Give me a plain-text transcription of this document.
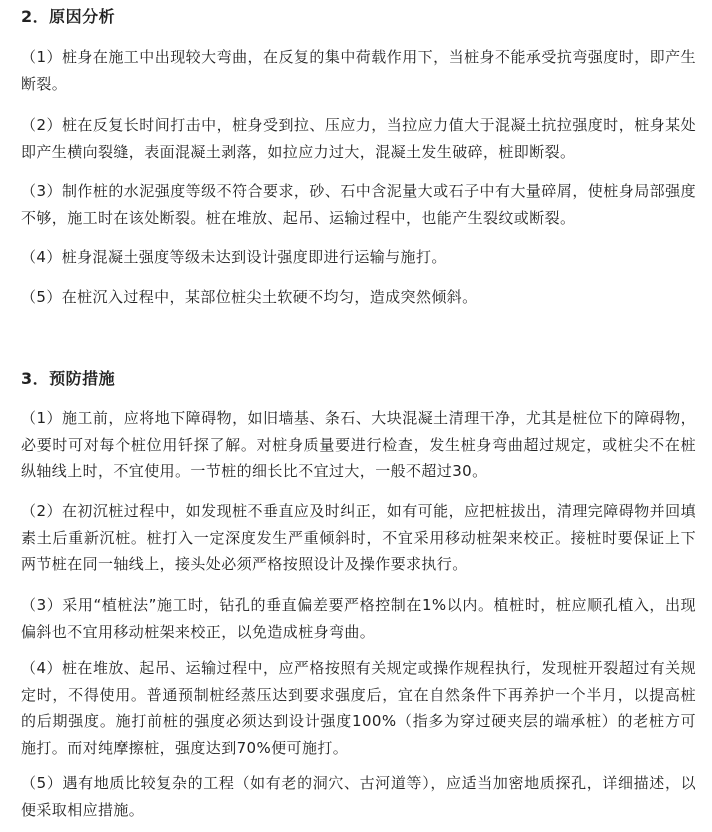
2．原因分析
（1）桩身在施工中出现较大弯曲，在反复的集中荷载作用下，当桩身不能承受抗弯强度时，即产生断裂。
（2）桩在反复长时间打击中，桩身受到拉、压应力，当拉应力值大于混凝土抗拉强度时，桩身某处即产生横向裂缝，表面混凝土剥落，如拉应力过大，混凝土发生破碎，桩即断裂。
（3）制作桩的水泥强度等级不符合要求，砂、石中含泥量大或石子中有大量碎屑，使桩身局部强度不够，施工时在该处断裂。桩在堆放、起吊、运输过程中，也能产生裂纹或断裂。
（4）桩身混凝土强度等级未达到设计强度即进行运输与施打。
（5）在桩沉入过程中，某部位桩尖土软硬不均匀，造成突然倾斜。
3．预防措施
（1）施工前，应将地下障碍物，如旧墙基、条石、大块混凝土清理干净，尤其是桩位下的障碍物，必要时可对每个桩位用钎探了解。对桩身质量要进行检查，发生桩身弯曲超过规定，或桩尖不在桩纵轴线上时，不宜使用。一节桩的细长比不宜过大，一般不超过30。
（2）在初沉桩过程中，如发现桩不垂直应及时纠正，如有可能，应把桩拔出，清理完障碍物并回填素土后重新沉桩。桩打入一定深度发生严重倾斜时，不宜采用移动桩架来校正。接桩时要保证上下两节桩在同一轴线上，接头处必须严格按照设计及操作要求执行。
（3）采用“植桩法”施工时，钻孔的垂直偏差要严格控制在1%以内。植桩时，桩应顺孔植入，出现偏斜也不宜用移动桩架来校正，以免造成桩身弯曲。
（4）桩在堆放、起吊、运输过程中，应严格按照有关规定或操作规程执行，发现桩开裂超过有关规定时，不得使用。普通预制桩经蒸压达到要求强度后，宜在自然条件下再养护一个半月，以提高桩的后期强度。施打前桩的强度必须达到设计强度100%（指多为穿过硬夹层的端承桩）的老桩方可施打。而对纯摩擦桩，强度达到70%便可施打。
（5）遇有地质比较复杂的工程（如有老的洞穴、古河道等），应适当加密地质探孔，详细描述，以便采取相应措施。
